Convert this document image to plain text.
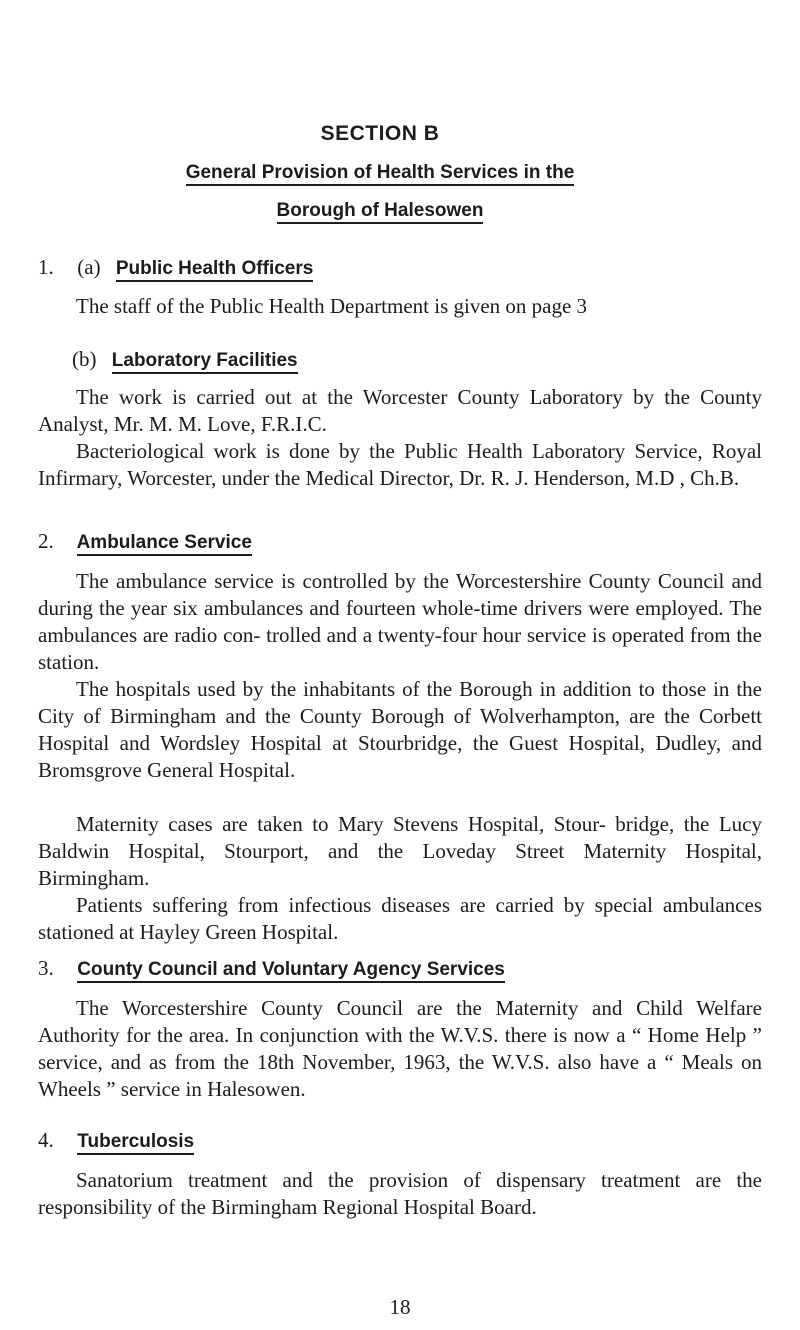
SECTION B
General Provision of Health Services in the
Borough of Halesowen
1. (a) Public Health Officers

The staff of the Public Health Department is given on page 3

(b) Laboratory Facilities

The work is carried out at the Worcester County Laboratory by the County Analyst, Mr. M. M. Love, F.R.I.C.

Bacteriological work is done by the Public Health Laboratory Service, Royal Infirmary, Worcester, under the Medical Director, Dr. R. J. Henderson, M.D , Ch.B.

2. Ambulance Service

The ambulance service is controlled by the Worcestershire County Council and during the year six ambulances and fourteen whole-time drivers were employed. The ambulances are radio con- trolled and a twenty-four hour service is operated from the station.

The hospitals used by the inhabitants of the Borough in addition to those in the City of Birmingham and the County Borough of Wolverhampton, are the Corbett Hospital and Wordsley Hospital at Stourbridge, the Guest Hospital, Dudley, and Bromsgrove General Hospital.

Maternity cases are taken to Mary Stevens Hospital, Stour- bridge, the Lucy Baldwin Hospital, Stourport, and the Loveday Street Maternity Hospital, Birmingham.

Patients suffering from infectious diseases are carried by special ambulances stationed at Hayley Green Hospital.

3. County Council and Voluntary Agency Services

The Worcestershire County Council are the Maternity and Child Welfare Authority for the area. In conjunction with the W.V.S. there is now a “ Home Help ” service, and as from the 18th November, 1963, the W.V.S. also have a “ Meals on Wheels ” service in Halesowen.

4. Tuberculosis

Sanatorium treatment and the provision of dispensary treatment are the responsibility of the Birmingham Regional Hospital Board.

18
